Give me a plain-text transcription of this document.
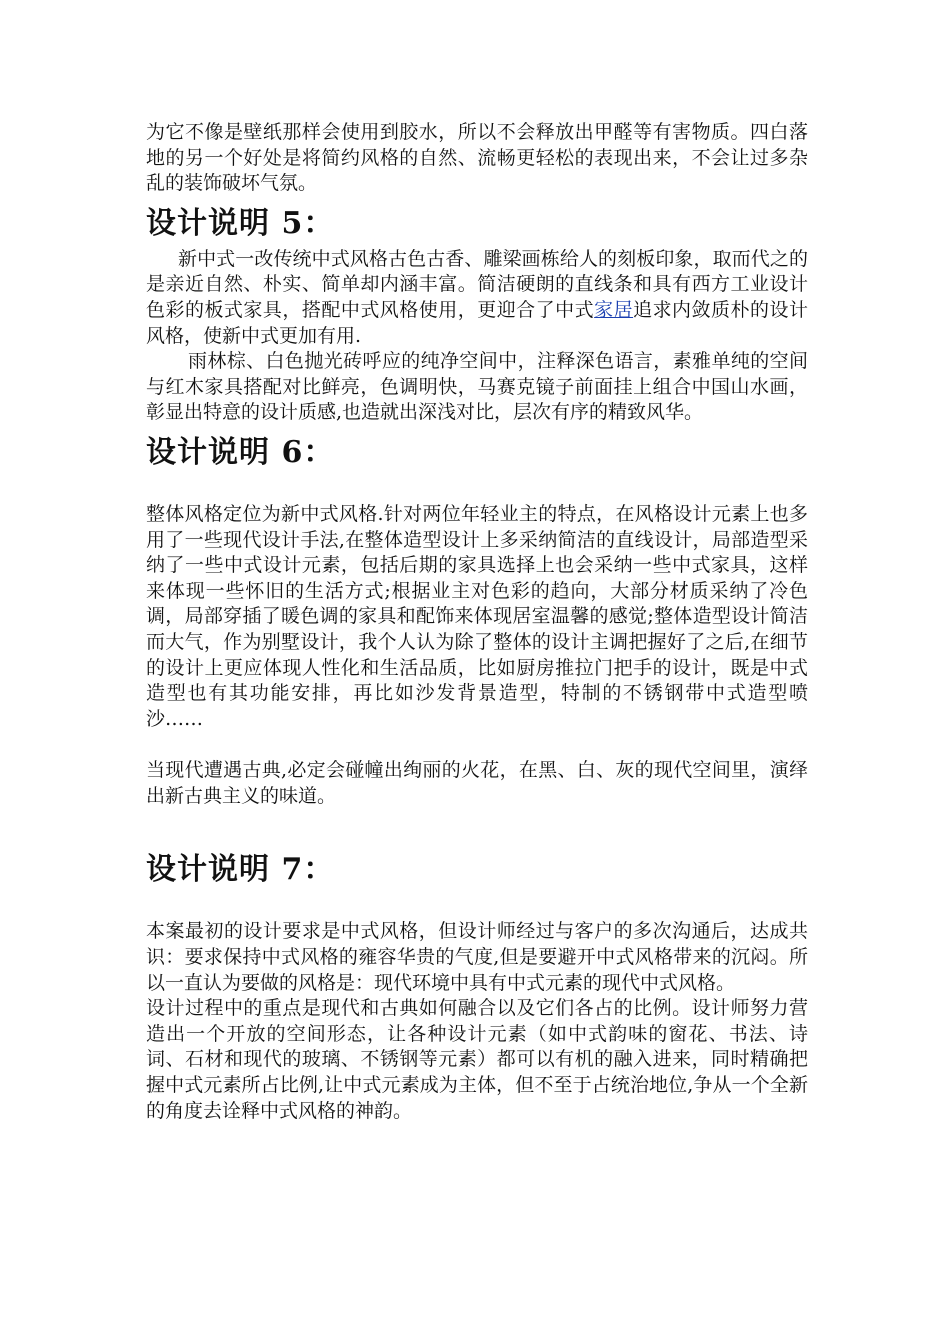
为它不像是壁纸那样会使用到胶水，所以不会释放出甲醛等有害物质。四白落地的另一个好处是将简约风格的自然、流畅更轻松的表现出来，不会让过多杂乱的装饰破坏气氛。

设计说明 5：

新中式一改传统中式风格古色古香、雕梁画栋给人的刻板印象，取而代之的是亲近自然、朴实、简单却内涵丰富。简洁硬朗的直线条和具有西方工业设计色彩的板式家具，搭配中式风格使用，更迎合了中式家居追求内敛质朴的设计风格，使新中式更加有用.

雨林棕、白色抛光砖呼应的纯净空间中，注释深色语言，素雅单纯的空间与红木家具搭配对比鲜亮，色调明快，马赛克镜子前面挂上组合中国山水画，彰显出特意的设计质感,也造就出深浅对比，层次有序的精致风华。

设计说明 6：

整体风格定位为新中式风格.针对两位年轻业主的特点，在风格设计元素上也多用了一些现代设计手法,在整体造型设计上多采纳简洁的直线设计，局部造型采纳了一些中式设计元素，包括后期的家具选择上也会采纳一些中式家具，这样来体现一些怀旧的生活方式;根据业主对色彩的趋向，大部分材质采纳了冷色调，局部穿插了暖色调的家具和配饰来体现居室温馨的感觉;整体造型设计简洁而大气，作为别墅设计，我个人认为除了整体的设计主调把握好了之后,在细节的设计上更应体现人性化和生活品质，比如厨房推拉门把手的设计，既是中式造型也有其功能安排，再比如沙发背景造型，特制的不锈钢带中式造型喷沙……

当现代遭遇古典,必定会碰幢出绚丽的火花，在黑、白、灰的现代空间里，演绎出新古典主义的味道。

设计说明 7：

本案最初的设计要求是中式风格，但设计师经过与客户的多次沟通后，达成共识：要求保持中式风格的雍容华贵的气度,但是要避开中式风格带来的沉闷。所以一直认为要做的风格是：现代环境中具有中式元素的现代中式风格。

设计过程中的重点是现代和古典如何融合以及它们各占的比例。设计师努力营造出一个开放的空间形态，让各种设计元素（如中式韵味的窗花、书法、诗词、石材和现代的玻璃、不锈钢等元素）都可以有机的融入进来，同时精确把握中式元素所占比例,让中式元素成为主体，但不至于占统治地位,争从一个全新的角度去诠释中式风格的神韵。
